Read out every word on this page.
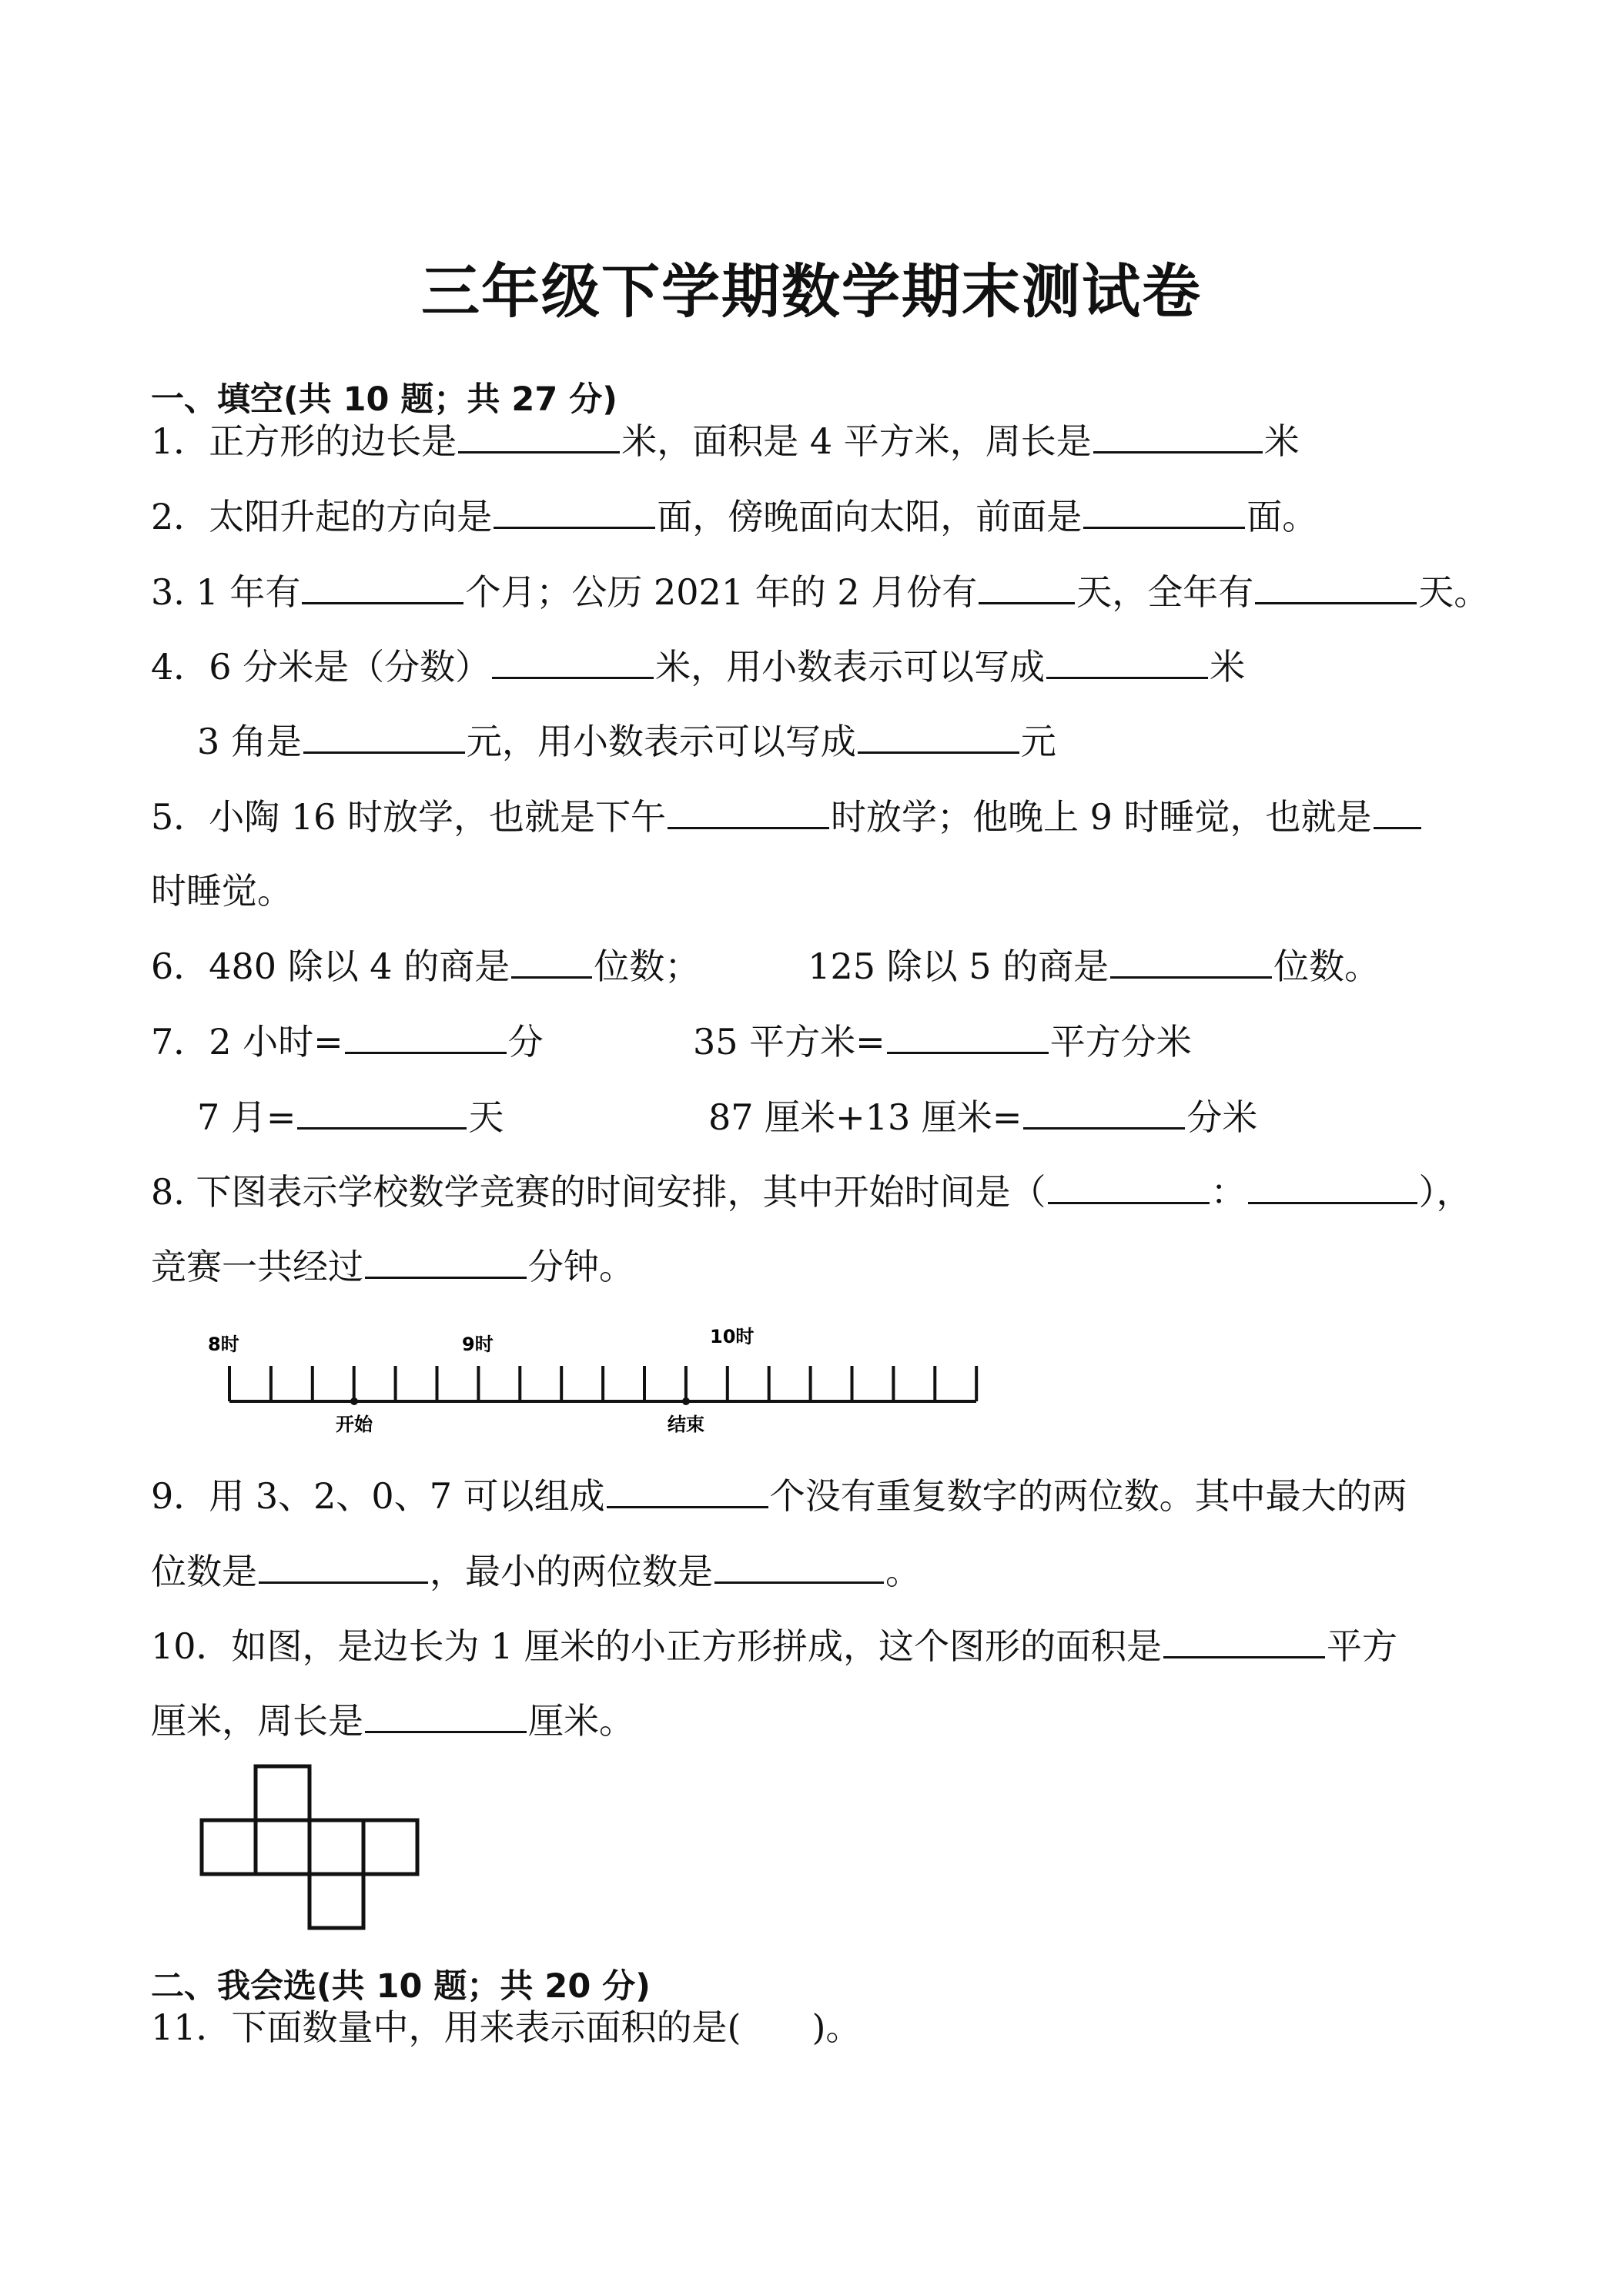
三年级下学期数学期末测试卷
一、填空(共 10 题；共 27 分)
1．正方形的边长是	米，面积是 4 平方米，周长是	米
2．太阳升起的方向是	面，傍晚面向太阳，前面是	面。
3. 1 年有	个月；公历 2021 年的 2 月份有	天，全年有	天。
4．6 分米是（分数）	米，用小数表示可以写成	米
3 角是	元，用小数表示可以写成	元
5．小陶 16 时放学，也就是下午	时放学；他晚上 9 时睡觉，也就是
时睡觉。
6．480 除以 4 的商是 位数；	125 除以 5 的商是	位数。
7．2 小时=	分	35 平方米=	平方分米
7 月=	天	87 厘米+13 厘米=	分米
8. 下图表示学校数学竞赛的时间安排，其中开始时间是（	：	），
竞赛一共经过	分钟。
8时	9时	10时
开始	结束
9．用 3、2、0、7 可以组成	个没有重复数字的两位数。其中最大的两
位数是	，最小的两位数是	。
10．如图，是边长为 1 厘米的小正方形拼成，这个图形的面积是	平方
厘米，周长是	厘米。
二、我会选(共 10 题；共 20 分)
11．下面数量中，用来表示面积的是(　　)。
